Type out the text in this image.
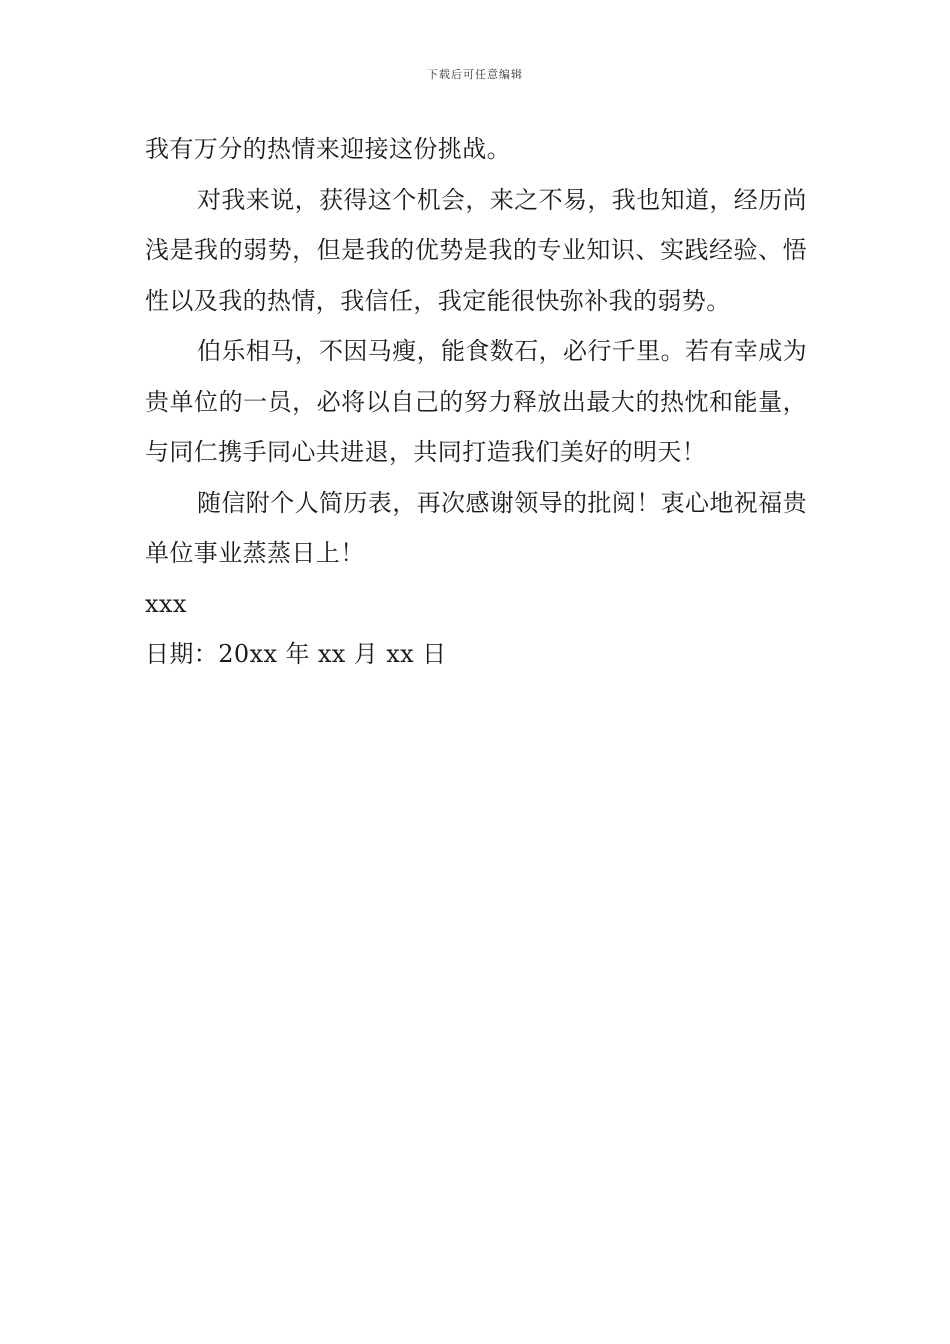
下载后可任意编辑

我有万分的热情来迎接这份挑战。

对我来说，获得这个机会，来之不易，我也知道，经历尚浅是我的弱势，但是我的优势是我的专业知识、实践经验、悟性以及我的热情，我信任，我定能很快弥补我的弱势。

伯乐相马，不因马瘦，能食数石，必行千里。若有幸成为贵单位的一员，必将以自己的努力释放出最大的热忱和能量，与同仁携手同心共进退，共同打造我们美好的明天！

随信附个人简历表，再次感谢领导的批阅！衷心地祝福贵单位事业蒸蒸日上！

xxx

日期：20xx 年 xx 月 xx 日
